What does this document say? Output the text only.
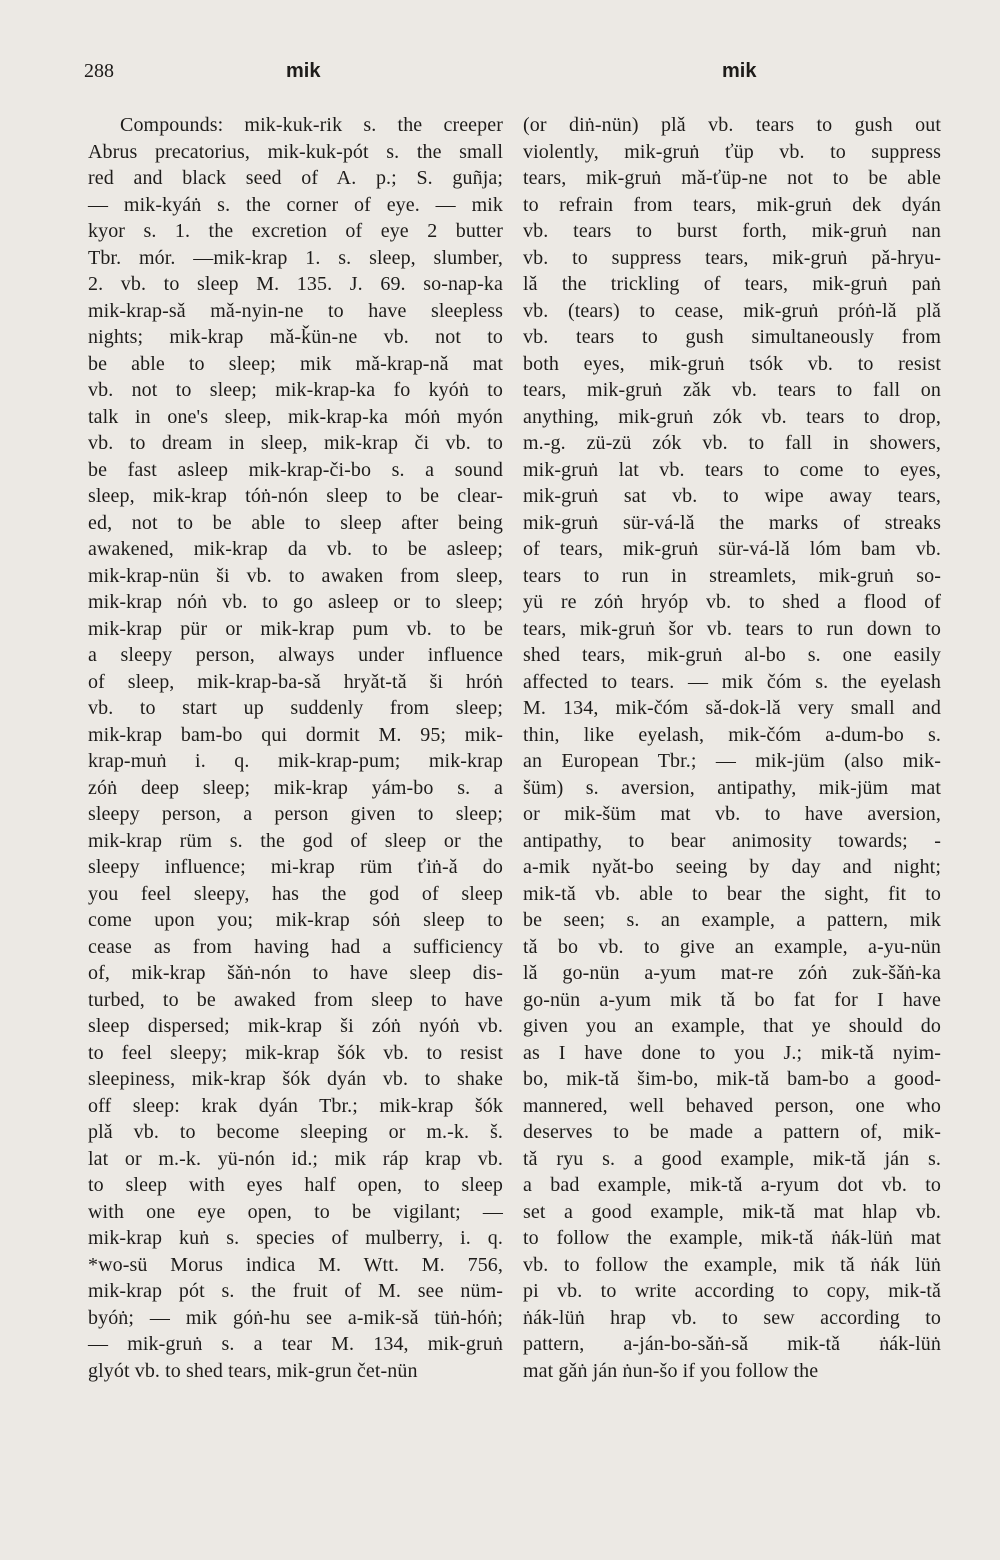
288	mik	mik
Compounds: mik-kuk-rik s. the creeper
Abrus precatorius, mik-kuk-pót s. the small
red and black seed of A. p.; S. guñja;
— mik-kyáṅ s. the corner of eye. — mik
kyor s. 1. the excretion of eye 2 butter
Tbr. mór. —mik-krap 1. s. sleep, slumber,
2. vb. to sleep M. 135. J. 69. so-nap-ka
mik-krap-sǎ mǎ-nyin-ne to have sleepless
nights; mik-krap mǎ-ǩün-ne vb. not to
be able to sleep; mik mǎ-krap-nǎ mat
vb. not to sleep; mik-krap-ka fo kyóṅ to
talk in one's sleep, mik-krap-ka móṅ myón
vb. to dream in sleep, mik-krap či vb. to
be fast asleep mik-krap-či-bo s. a sound
sleep, mik-krap tóṅ-nón sleep to be clear-
ed, not to be able to sleep after being
awakened, mik-krap da vb. to be asleep;
mik-krap-nün ši vb. to awaken from sleep,
mik-krap nóṅ vb. to go asleep or to sleep;
mik-krap pür or mik-krap pum vb. to be
a sleepy person, always under influence
of sleep, mik-krap-ba-sǎ hryǎt-tǎ ši hróṅ
vb. to start up suddenly from sleep;
mik-krap bam-bo qui dormit M. 95; mik-
krap-muṅ i. q. mik-krap-pum; mik-krap
zóṅ deep sleep; mik-krap yám-bo s. a
sleepy person, a person given to sleep;
mik-krap rüm s. the god of sleep or the
sleepy influence; mi-krap rüm ťiṅ-ǎ do
you feel sleepy, has the god of sleep
come upon you; mik-krap sóṅ sleep to
cease as from having had a sufficiency
of, mik-krap šǎṅ-nón to have sleep dis-
turbed, to be awaked from sleep to have
sleep dispersed; mik-krap ši zóṅ nyóṅ vb.
to feel sleepy; mik-krap šók vb. to resist
sleepiness, mik-krap šók dyán vb. to shake
off sleep: krak dyán Tbr.; mik-krap šók
plǎ vb. to become sleeping or m.-k. š.
lat or m.-k. yü-nón id.; mik ráp krap vb.
to sleep with eyes half open, to sleep
with one eye open, to be vigilant; —
mik-krap kuṅ s. species of mulberry, i. q.
*wo-sü Morus indica M. Wtt. M. 756,
mik-krap pót s. the fruit of M. see nüm-
byóṅ; — mik góṅ-hu see a-mik-sǎ tüṅ-hóṅ;
— mik-gruṅ s. a tear M. 134, mik-gruṅ
glyót vb. to shed tears, mik-grun čet-nün
(or diṅ-nün) plǎ vb. tears to gush out
violently, mik-gruṅ ťüp vb. to suppress
tears, mik-gruṅ mǎ-ťüp-ne not to be able
to refrain from tears, mik-gruṅ dek dyán
vb. tears to burst forth, mik-gruṅ nan
vb. to suppress tears, mik-gruṅ pǎ-hryu-
lǎ the trickling of tears, mik-gruṅ paṅ
vb. (tears) to cease, mik-gruṅ próṅ-lǎ plǎ
vb. tears to gush simultaneously from
both eyes, mik-gruṅ tsók vb. to resist
tears, mik-gruṅ zǎk vb. tears to fall on
anything, mik-gruṅ zók vb. tears to drop,
m.-g. zü-zü zók vb. to fall in showers,
mik-gruṅ lat vb. tears to come to eyes,
mik-gruṅ sat vb. to wipe away tears,
mik-gruṅ sür-vá-lǎ the marks of streaks
of tears, mik-gruṅ sür-vá-lǎ lóm bam vb.
tears to run in streamlets, mik-gruṅ so-
yü re zóṅ hryóp vb. to shed a flood of
tears, mik-gruṅ šor vb. tears to run down to
shed tears, mik-gruṅ al-bo s. one easily
affected to tears. — mik čóm s. the eyelash
M. 134, mik-čóm sǎ-dok-lǎ very small and
thin, like eyelash, mik-čóm a-dum-bo s.
an European Tbr.; — mik-jüm (also mik-
šüm) s. aversion, antipathy, mik-jüm mat
or mik-šüm mat vb. to have aversion,
antipathy, to bear animosity towards; -
a-mik nyǎt-bo seeing by day and night;
mik-tǎ vb. able to bear the sight, fit to
be seen; s. an example, a pattern, mik
tǎ bo vb. to give an example, a-yu-nün
lǎ go-nün a-yum mat-re zóṅ zuk-šǎṅ-ka
go-nün a-yum mik tǎ bo fat for I have
given you an example, that ye should do
as I have done to you J.; mik-tǎ nyim-
bo, mik-tǎ šim-bo, mik-tǎ bam-bo a good-
mannered, well behaved person, one who
deserves to be made a pattern of, mik-
tǎ ryu s. a good example, mik-tǎ ján s.
a bad example, mik-tǎ a-ryum dot vb. to
set a good example, mik-tǎ mat hlap vb.
to follow the example, mik-tǎ ṅák-lüṅ mat
vb. to follow the example, mik tǎ ṅák lüṅ
pi vb. to write according to copy, mik-tǎ
ṅák-lüṅ hrap vb. to sew according to
pattern, a-ján-bo-sǎṅ-sǎ mik-tǎ ṅák-lüṅ
mat gǎṅ ján ṅun-šo if you follow the
